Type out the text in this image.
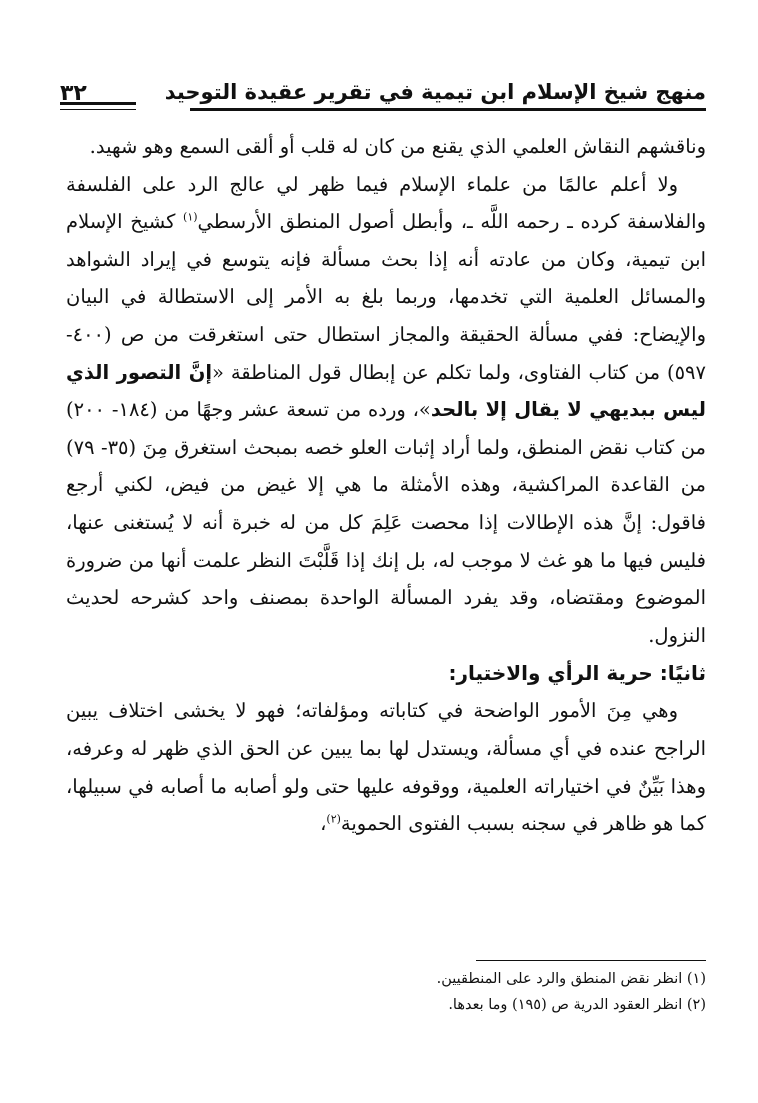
منهج شيخ الإسلام ابن تيمية في تقرير عقيدة التوحيد
٣٢

وناقشهم النقاش العلمي الذي يقنع من كان له قلب أو ألقى السمع وهو شهيد.

ولا أعلم عالمًا من علماء الإسلام فيما ظهر لي عالج الرد على الفلسفة والفلاسفة كرده ـ رحمه اللَّه ـ، وأبطل أصول المنطق الأرسطي$^{(١)}$ كشيخ الإسلام ابن تيمية، وكان من عادته أنه إذا بحث مسألة فإنه يتوسع في إيراد الشواهد والمسائل العلمية التي تخدمها، وربما بلغ به الأمر إلى الاستطالة في البيان والإيضاح: ففي مسألة الحقيقة والمجاز استطال حتى استغرقت من ص (٤٠٠- ٥٩٧) من كتاب الفتاوى، ولما تكلم عن إبطال قول المناطقة «إنَّ التصور الذي ليس ببديهي لا يقال إلا بالحد»، ورده من تسعة عشر وجهًا من (١٨٤- ٢٠٠) من كتاب نقض المنطق، ولما أراد إثبات العلو خصه بمبحث استغرق مِنَ (٣٥- ٧٩) من القاعدة المراكشية، وهذه الأمثلة ما هي إلا غيض من فيض، لكني أرجع فاقول: إنَّ هذه الإطالات إذا محصت عَلِمَ كل من له خبرة أنه لا يُستغنى عنها، فليس فيها ما هو غث لا موجب له، بل إنك إذا قَلَّبْتَ النظر علمت أنها من ضرورة الموضوع ومقتضاه، وقد يفرد المسألة الواحدة بمصنف واحد كشرحه لحديث النزول.

ثانيًا: حرية الرأي والاختيار:

وهي مِنَ الأمور الواضحة في كتاباته ومؤلفاته؛ فهو لا يخشى اختلاف يبين الراجح عنده في أي مسألة، ويستدل لها بما يبين عن الحق الذي ظهر له وعرفه، وهذا بَيِّنٌ في اختياراته العلمية، ووقوفه عليها حتى ولو أصابه ما أصابه في سبيلها، كما هو ظاهر في سجنه بسبب الفتوى الحموية$^{(٢)}$،

(١) انظر نقض المنطق والرد على المنطقيين.

(٢) انظر العقود الدرية ص (١٩٥) وما بعدها.
